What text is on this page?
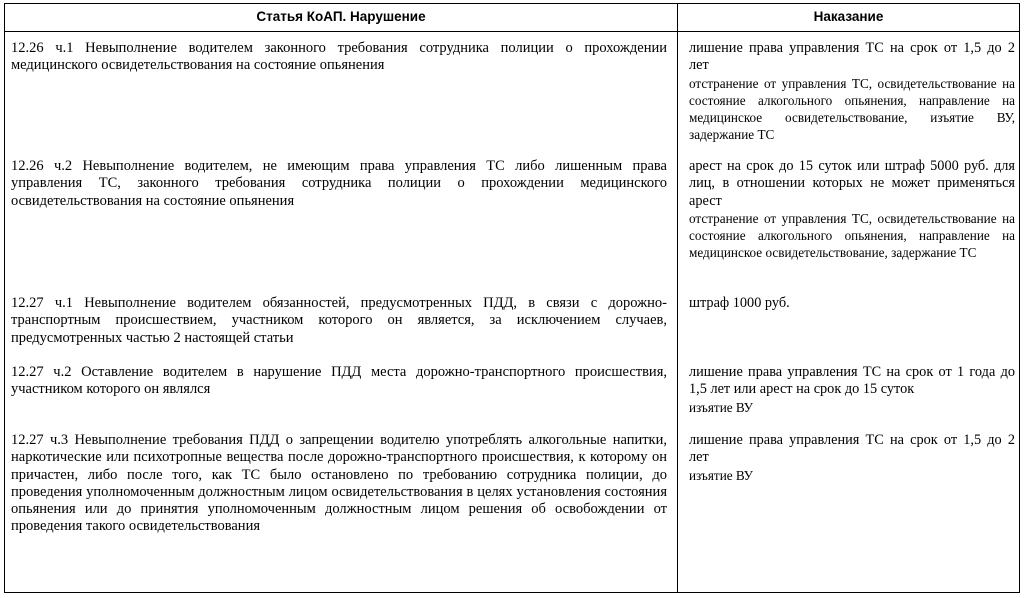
Статья КоАП. Нарушение	Наказание

12.26 ч.1 Невыполнение водителем законного требования сотрудника полиции о прохождении медицинского освидетельствования на состояние опьянения

лишение права управления ТС на срок от 1,5 до 2 лет
отстранение от управления ТС, освидетельствование на состояние алкогольного опьянения, направление на медицинское освидетельствование, изъятие ВУ, задержание ТС

12.26 ч.2 Невыполнение водителем, не имеющим права управления ТС либо лишенным права управления ТС, законного требования сотрудника полиции о прохождении медицинского освидетельствования на состояние опьянения

арест на срок до 15 суток или штраф 5000 руб. для лиц, в отношении которых не может применяться арест
отстранение от управления ТС, освидетельствование на состояние алкогольного опьянения, направление на медицинское освидетельствование, задержание ТС

12.27 ч.1 Невыполнение водителем обязанностей, предусмотренных ПДД, в связи с дорожно-транспортным происшествием, участником которого он является, за исключением случаев, предусмотренных частью 2 настоящей статьи

штраф 1000 руб.

12.27 ч.2 Оставление водителем в нарушение ПДД места дорожно-транспортного происшествия, участником которого он являлся

лишение права управления ТС на срок от 1 года до 1,5 лет или арест на срок до 15 суток
изъятие ВУ

12.27 ч.3 Невыполнение требования ПДД о запрещении водителю употреблять алкогольные напитки, наркотические или психотропные вещества после дорожно-транспортного происшествия, к которому он причастен, либо после того, как ТС было остановлено по требованию сотрудника полиции, до проведения уполномоченным должностным лицом освидетельствования в целях установления состояния опьянения или до принятия уполномоченным должностным лицом решения об освобождении от проведения такого освидетельствования

лишение права управления ТС на срок от 1,5 до 2 лет
изъятие ВУ
